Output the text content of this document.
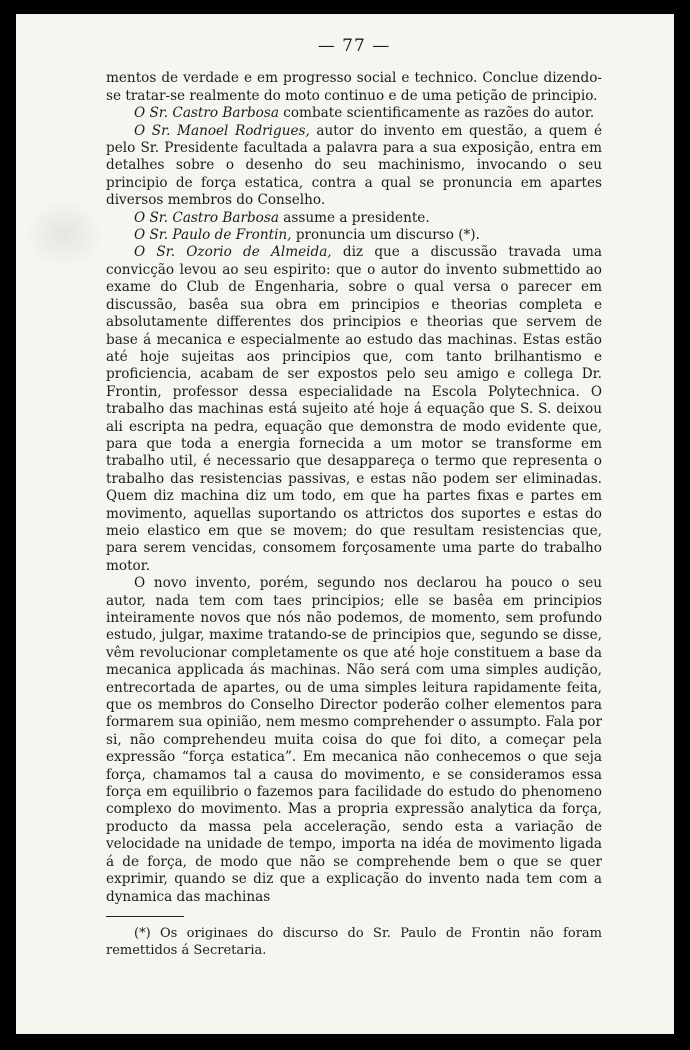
— 77 —

mentos de verdade e em progresso social e technico. Conclue dizendo-se tratar-se realmente do moto continuo e de uma petição de principio.

O Sr. Castro Barbosa combate scientificamente as razões do autor.

O Sr. Manoel Rodrigues, autor do invento em questão, a quem é pelo Sr. Presidente facultada a palavra para a sua exposição, entra em detalhes sobre o desenho do seu machinismo, invocando o seu principio de força estatica, contra a qual se pronuncia em apartes diversos membros do Conselho.

O Sr. Castro Barbosa assume a presidente.

O Sr. Paulo de Frontin, pronuncia um discurso (*).

O Sr. Ozorio de Almeida, diz que a discussão travada uma convicção levou ao seu espirito: que o autor do invento submettido ao exame do Club de Engenharia, sobre o qual versa o parecer em discussão, basêa sua obra em principios e theorias completa e absolutamente differentes dos principios e theorias que servem de base á mecanica e especialmente ao estudo das machinas. Estas estão até hoje sujeitas aos principios que, com tanto brilhantismo e proficiencia, acabam de ser expostos pelo seu amigo e collega Dr. Frontin, professor dessa especialidade na Escola Polytechnica. O trabalho das machinas está sujeito até hoje á equação que S. S. deixou ali escripta na pedra, equação que demonstra de modo evidente que, para que toda a energia fornecida a um motor se transforme em trabalho util, é necessario que desappareça o termo que representa o trabalho das resistencias passivas, e estas não podem ser eliminadas. Quem diz machina diz um todo, em que ha partes fixas e partes em movimento, aquellas suportando os attrictos dos suportes e estas do meio elastico em que se movem; do que resultam resistencias que, para serem vencidas, consomem forçosamente uma parte do trabalho motor.

O novo invento, porém, segundo nos declarou ha pouco o seu autor, nada tem com taes principios; elle se basêa em principios inteiramente novos que nós não podemos, de momento, sem profundo estudo, julgar, maxime tratando-se de principios que, segundo se disse, vêm revolucionar completamente os que até hoje constituem a base da mecanica applicada ás machinas. Não será com uma simples audição, entrecortada de apartes, ou de uma simples leitura rapidamente feita, que os membros do Conselho Director poderão colher elementos para formarem sua opinião, nem mesmo comprehender o assumpto. Fala por si, não comprehendeu muita coisa do que foi dito, a começar pela expressão “força estatica”. Em mecanica não conhecemos o que seja força, chamamos tal a causa do movimento, e se consideramos essa força em equilibrio o fazemos para facilidade do estudo do phenomeno complexo do movimento. Mas a propria expressão analytica da força, producto da massa pela acceleração, sendo esta a variação de velocidade na unidade de tempo, importa na idéa de movimento ligada á de força, de modo que não se comprehende bem o que se quer exprimir, quando se diz que a explicação do invento nada tem com a dynamica das machinas

(*) Os originaes do discurso do Sr. Paulo de Frontin não foram remettidos á Secretaria.
